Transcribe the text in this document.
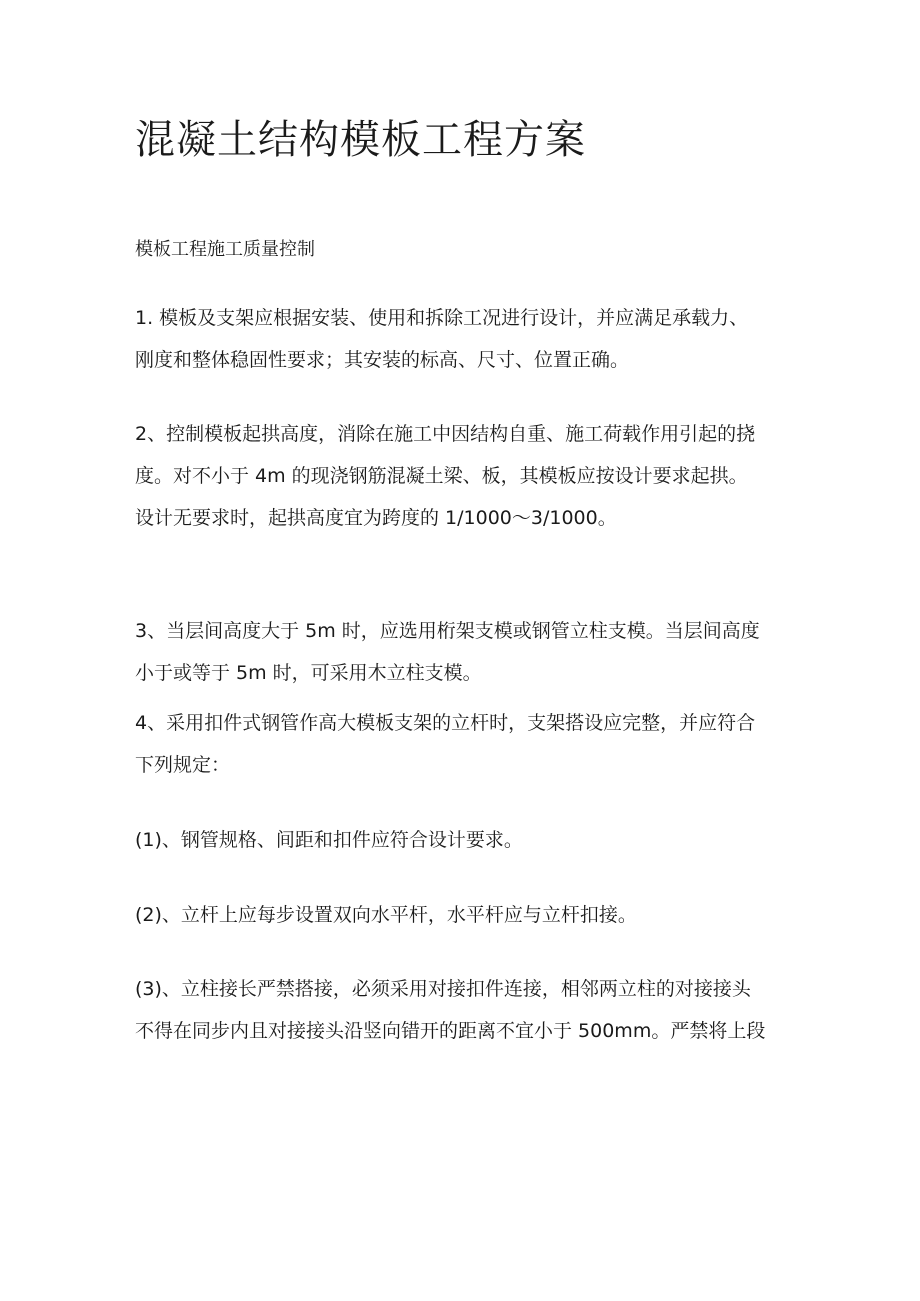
混凝土结构模板工程方案
模板工程施工质量控制

1. 模板及支架应根据安装、使用和拆除工况进行设计，并应满足承载力、
刚度和整体稳固性要求；其安装的标高、尺寸、位置正确。

2、控制模板起拱高度，消除在施工中因结构自重、施工荷载作用引起的挠
度。对不小于 4m 的现浇钢筋混凝土梁、板，其模板应按设计要求起拱。
设计无要求时，起拱高度宜为跨度的 1/1000～3/1000。

3、当层间高度大于 5m 时，应选用桁架支模或钢管立柱支模。当层间高度
小于或等于 5m 时，可采用木立柱支模。

4、采用扣件式钢管作高大模板支架的立杆时，支架搭设应完整，并应符合
下列规定：

(1)、钢管规格、间距和扣件应符合设计要求。

(2)、立杆上应每步设置双向水平杆，水平杆应与立杆扣接。

(3)、立柱接长严禁搭接，必须采用对接扣件连接，相邻两立柱的对接接头
不得在同步内且对接接头沿竖向错开的距离不宜小于 500mm。严禁将上段
